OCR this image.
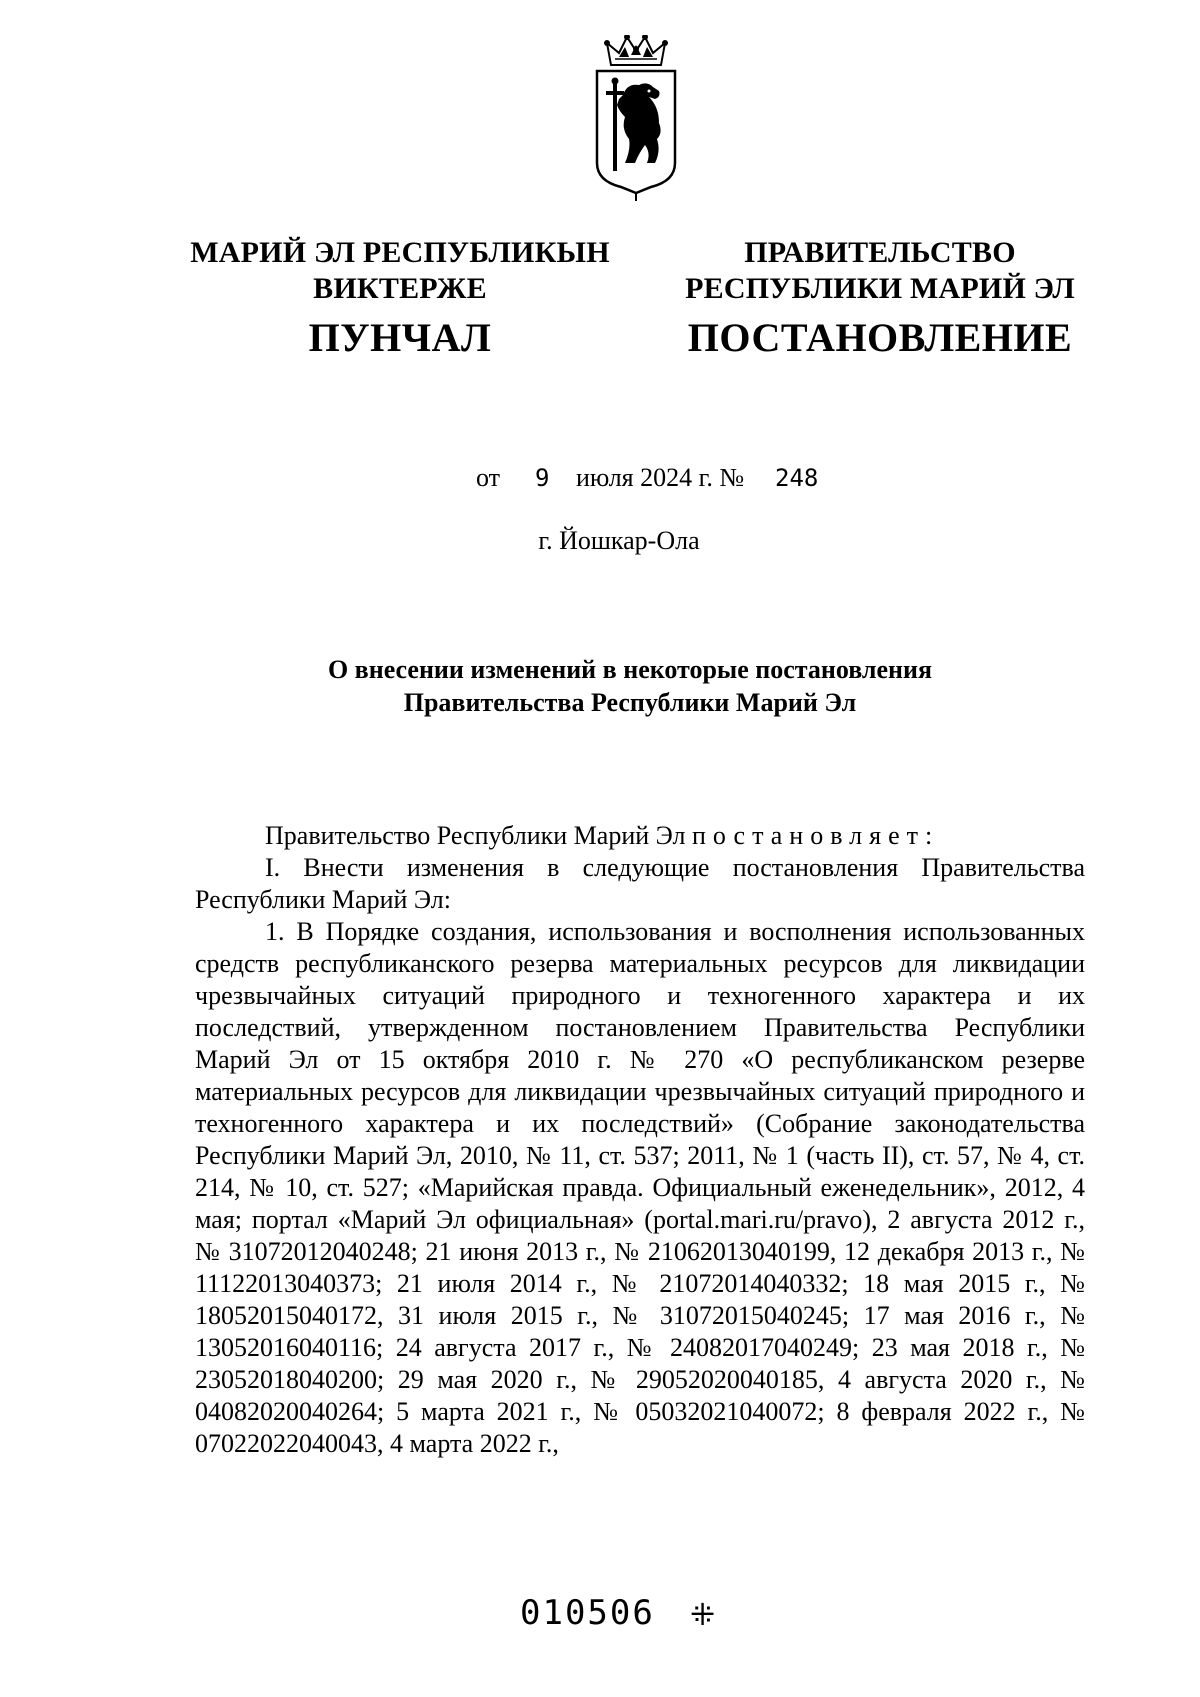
МАРИЙ ЭЛ РЕСПУБЛИКЫН
ВИКТЕРЖЕ
ПУНЧАЛ
ПРАВИТЕЛЬСТВО
РЕСПУБЛИКИ МАРИЙ ЭЛ
ПОСТАНОВЛЕНИЕ
от 9 июля 2024 г. № 248
г. Йошкар-Ола
О внесении изменений в некоторые постановления
Правительства Республики Марий Эл

Правительство Республики Марий Эл постановляет:

I. Внести изменения в следующие постановления Правительства Республики Марий Эл:

1. В Порядке создания, использования и восполнения использованных средств республиканского резерва материальных ресурсов для ликвидации чрезвычайных ситуаций природного и техногенного характера и их последствий, утвержденном постановлением Правительства Республики Марий Эл от 15 октября 2010 г. № 270 «О республиканском резерве материальных ресурсов для ликвидации чрезвычайных ситуаций природного и техногенного характера и их последствий» (Собрание законодательства Республики Марий Эл, 2010, № 11, ст. 537; 2011, № 1 (часть II), ст. 57, № 4, ст. 214, № 10, ст. 527; «Марийская правда. Официальный еженедельник», 2012, 4 мая; портал «Марий Эл официальная» (portal.mari.ru/pravo), 2 августа 2012 г., № 31072012040248; 21 июня 2013 г., № 21062013040199, 12 декабря 2013 г., № 11122013040373; 21 июля 2014 г., № 21072014040332; 18 мая 2015 г., № 18052015040172, 31 июля 2015 г., № 31072015040245; 17 мая 2016 г., № 13052016040116; 24 августа 2017 г., № 24082017040249; 23 мая 2018 г., № 23052018040200; 29 мая 2020 г., № 29052020040185, 4 августа 2020 г., № 04082020040264; 5 марта 2021 г., № 05032021040072; 8 февраля 2022 г., № 07022022040043, 4 марта 2022 г.,

010506 ⁜
